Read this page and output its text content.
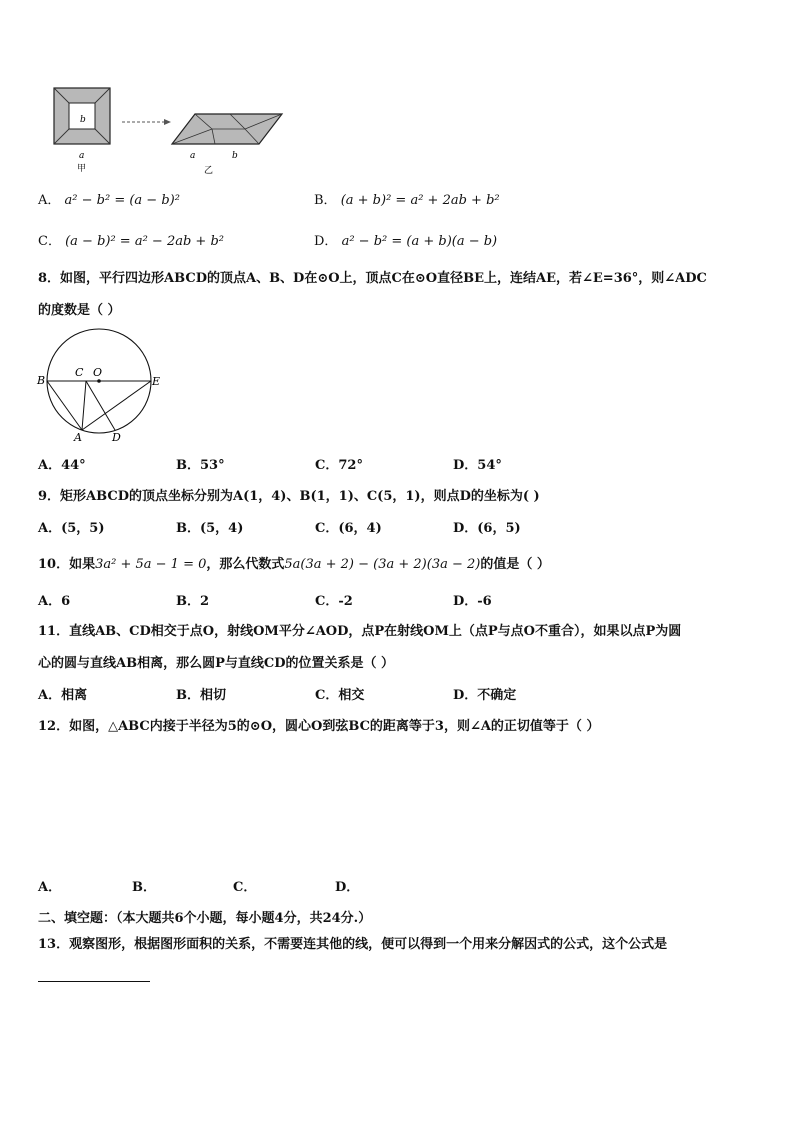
b
a
甲
a	b
乙
A． a² − b² = (a − b)²	B． (a + b)² = a² + 2ab + b²
C． (a − b)² = a² − 2ab + b²	D． a² − b² = (a + b)(a − b)
8．如图，平行四边形ABCD的顶点A、B、D在⊙O上，顶点C在⊙O直径BE上，连结AE，若∠E=36°，则∠ADC
的度数是（ ）
B
C O
E
A	D
A．44°	B．53°	C．72°	D．54°
9．矩形ABCD的顶点坐标分别为A(1，4)、B(1，1)、C(5，1)，则点D的坐标为( )
A．(5，5)	B．(5，4)	C．(6，4)	D．(6，5)
10．如果3a² + 5a − 1 = 0，那么代数式5a(3a + 2) − (3a + 2)(3a − 2)的值是（ ）
A．6	B．2	C．-2	D．-6
11．直线AB、CD相交于点O，射线OM平分∠AOD，点P在射线OM上（点P与点O不重合），如果以点P为圆
心的圆与直线AB相离，那么圆P与直线CD的位置关系是（ ）
A．相离	B．相切	C．相交	D．不确定
12．如图，△ABC内接于半径为5的⊙O，圆心O到弦BC的距离等于3，则∠A的正切值等于（ ）
A．	B．	C．	D．
二、填空题：（本大题共6个小题，每小题4分，共24分.）
13．观察图形，根据图形面积的关系，不需要连其他的线，便可以得到一个用来分解因式的公式，这个公式是
